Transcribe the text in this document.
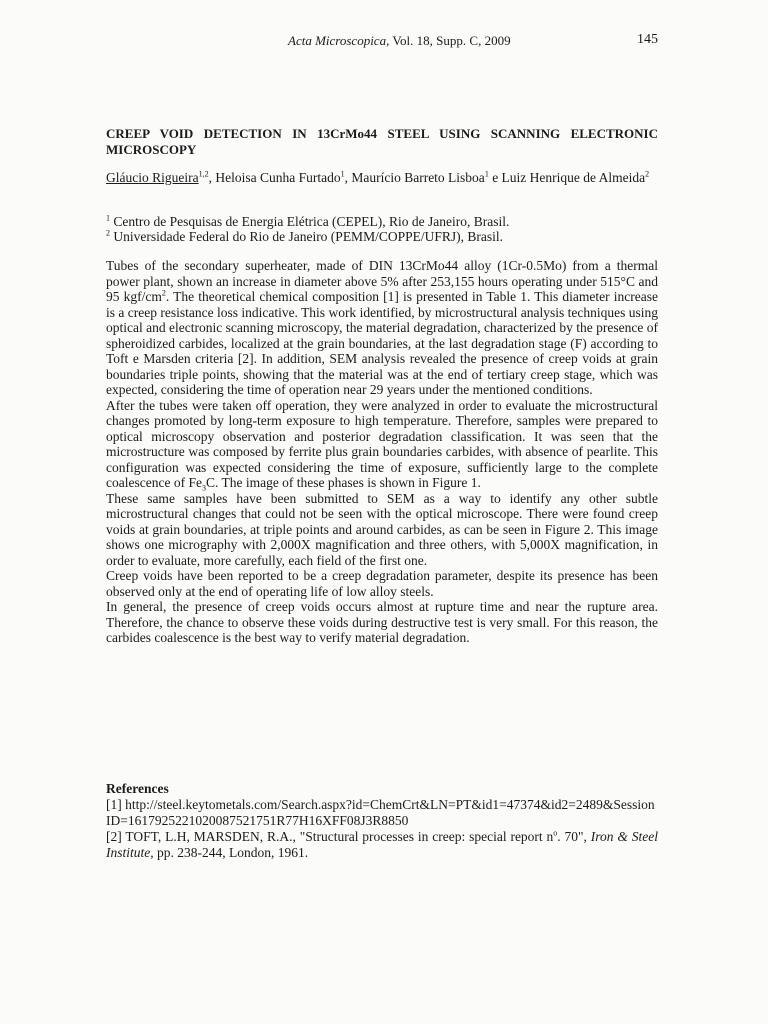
Acta Microscopica, Vol. 18, Supp. C, 2009	145
CREEP VOID DETECTION IN 13CrMo44 STEEL USING SCANNING ELECTRONIC MICROSCOPY
Gláucio Rigueira$^{1,2}$, Heloisa Cunha Furtado$^1$, Maurício Barreto Lisboa$^1$ e Luiz Henrique de Almeida$^2$
$^1$ Centro de Pesquisas de Energia Elétrica (CEPEL), Rio de Janeiro, Brasil.
$^2$ Universidade Federal do Rio de Janeiro (PEMM/COPPE/UFRJ), Brasil.

Tubes of the secondary superheater, made of DIN 13CrMo44 alloy (1Cr-0.5Mo) from a thermal power plant, shown an increase in diameter above 5% after 253,155 hours operating under 515°C and 95 kgf/$cm^2$. The theoretical chemical composition [1] is presented in Table 1. This diameter increase is a creep resistance loss indicative. This work identified, by microstructural analysis techniques using optical and electronic scanning microscopy, the material degradation, characterized by the presence of spheroidized carbides, localized at the grain boundaries, at the last degradation stage (F) according to Toft e Marsden criteria [2]. In addition, SEM analysis revealed the presence of creep voids at grain boundaries triple points, showing that the material was at the end of tertiary creep stage, which was expected, considering the time of operation near 29 years under the mentioned conditions.

After the tubes were taken off operation, they were analyzed in order to evaluate the microstructural changes promoted by long-term exposure to high temperature. Therefore, samples were prepared to optical microscopy observation and posterior degradation classification. It was seen that the microstructure was composed by ferrite plus grain boundaries carbides, with absence of pearlite. This configuration was expected considering the time of exposure, sufficiently large to the complete coalescence of $Fe_3C$. The image of these phases is shown in Figure 1.

These same samples have been submitted to SEM as a way to identify any other subtle microstructural changes that could not be seen with the optical microscope. There were found creep voids at grain boundaries, at triple points and around carbides, as can be seen in Figure 2. This image shows one micrography with 2,000X magnification and three others, with 5,000X magnification, in order to evaluate, more carefully, each field of the first one.

Creep voids have been reported to be a creep degradation parameter, despite its presence has been observed only at the end of operating life of low alloy steels.

In general, the presence of creep voids occurs almost at rupture time and near the rupture area. Therefore, the chance to observe these voids during destructive test is very small. For this reason, the carbides coalescence is the best way to verify material degradation.

References
[1] http://steel.keytometals.com/Search.aspx?id=ChemCrt&LN=PT&id1=47374&id2=2489&SessionID=1617925221020087521751R77H16XFF08J3R8850
[2] TOFT, L.H, MARSDEN, R.A., "Structural processes in creep: special report $n^o$. 70", Iron & Steel Institute, pp. 238-244, London, 1961.
